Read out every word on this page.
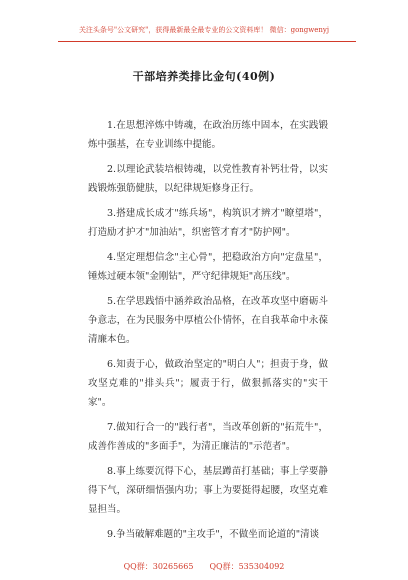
关注头条号"公文研究"，获得最新最全最专业的公文资料库！ 微信：gongwenyj
干部培养类排比金句(40例)

1.在思想淬炼中铸魂，在政治历练中固本，在实践锻炼中强基，在专业训练中提能。

2.以理论武装培根铸魂，以党性教育补钙壮骨，以实践锻炼强筋健肤，以纪律规矩修身正行。

3.搭建成长成才"练兵场"，构筑识才辨才"瞭望塔"，打造励才护才"加油站"，织密管才育才"防护网"。

4.坚定理想信念"主心骨"，把稳政治方向"定盘星"，锤炼过硬本领"金刚钻"，严守纪律规矩"高压线"。

5.在学思践悟中涵养政治品格，在改革攻坚中磨砺斗争意志，在为民服务中厚植公仆情怀，在自我革命中永葆清廉本色。

6.知责于心，做政治坚定的"明白人"；担责于身，做攻坚克难的"排头兵"；履责于行，做狠抓落实的"实干家"。

7.做知行合一的"践行者"，当改革创新的"拓荒牛"，成善作善成的"多面手"，为清正廉洁的"示范者"。

8.事上练要沉得下心，基层蹲苗打基础；事上学要静得下气，深研细悟强内功；事上为要挺得起腰，攻坚克难显担当。

9.争当破解难题的"主攻手"，不做坐而论道的"清谈

QQ群：30265665 QQ群：535304092
